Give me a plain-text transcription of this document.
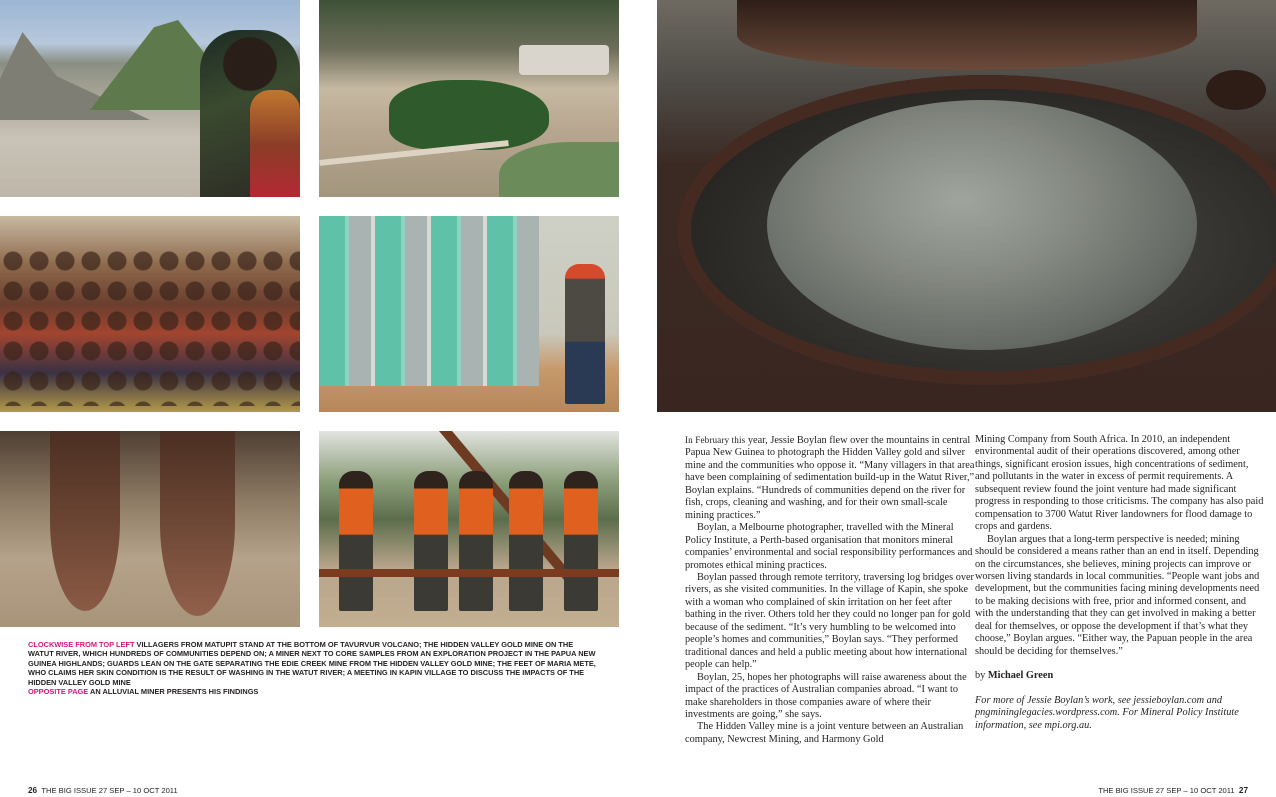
CLOCKWISE FROM TOP LEFT VILLAGERS FROM MATUPIT STAND AT THE BOTTOM OF TAVURVUR VOLCANO; THE HIDDEN VALLEY GOLD MINE ON THE WATUT RIVER, WHICH HUNDREDS OF COMMUNITIES DEPEND ON; A MINER NEXT TO CORE SAMPLES FROM AN EXPLORATION PROJECT IN THE PAPUA NEW GUINEA HIGHLANDS; GUARDS LEAN ON THE GATE SEPARATING THE EDIE CREEK MINE FROM THE HIDDEN VALLEY GOLD MINE; THE FEET OF MARIA METE, WHO CLAIMS HER SKIN CONDITION IS THE RESULT OF WASHING IN THE WATUT RIVER; A MEETING IN KAPIN VILLAGE TO DISCUSS THE IMPACTS OF THE HIDDEN VALLEY GOLD MINE
OPPOSITE PAGE AN ALLUVIAL MINER PRESENTS HIS FINDINGS

In February this year, Jessie Boylan flew over the mountains in central Papua New Guinea to photograph the Hidden Valley gold and silver mine and the communities who oppose it. “Many villagers in that area have been complaining of sedimentation build-up in the Watut River,” Boylan explains. “Hundreds of communities depend on the river for fish, crops, cleaning and washing, and for their own small-scale mining practices.”

Boylan, a Melbourne photographer, travelled with the Mineral Policy Institute, a Perth-based organisation that monitors mineral companies’ environmental and social responsibility performances and promotes ethical mining practices.

Boylan passed through remote territory, traversing log bridges over rivers, as she visited communities. In the village of Kapin, she spoke with a woman who complained of skin irritation on her feet after bathing in the river. Others told her they could no longer pan for gold because of the sediment. “It’s very humbling to be welcomed into people’s homes and communities,” Boylan says. “They performed traditional dances and held a public meeting about how international people can help.”

Boylan, 25, hopes her photographs will raise awareness about the impact of the practices of Australian companies abroad. “I want to make shareholders in those companies aware of where their investments are going,” she says.

The Hidden Valley mine is a joint venture between an Australian company, Newcrest Mining, and Harmony Gold

Mining Company from South Africa. In 2010, an independent environmental audit of their operations discovered, among other things, significant erosion issues, high concentrations of sediment, and pollutants in the water in excess of permit requirements. A subsequent review found the joint venture had made significant progress in responding to those criticisms. The company has also paid compensation to 3700 Watut River landowners for flood damage to crops and gardens.

Boylan argues that a long-term perspective is needed; mining should be considered a means rather than an end in itself. Depending on the circumstances, she believes, mining projects can improve or worsen living standards in local communities. “People want jobs and development, but the communities facing mining developments need to be making decisions with free, prior and informed consent, and with the understanding that they can get involved in making a better deal for themselves, or oppose the development if that’s what they choose,” Boylan argues. “Either way, the Papuan people in the area should be deciding for themselves.”

by Michael Green

For more of Jessie Boylan’s work, see jessieboylan.com and pngmininglegacies.wordpress.com. For Mineral Policy Institute information, see mpi.org.au.

26 THE BIG ISSUE 27 SEP – 10 OCT 2011	THE BIG ISSUE 27 SEP – 10 OCT 2011 27
